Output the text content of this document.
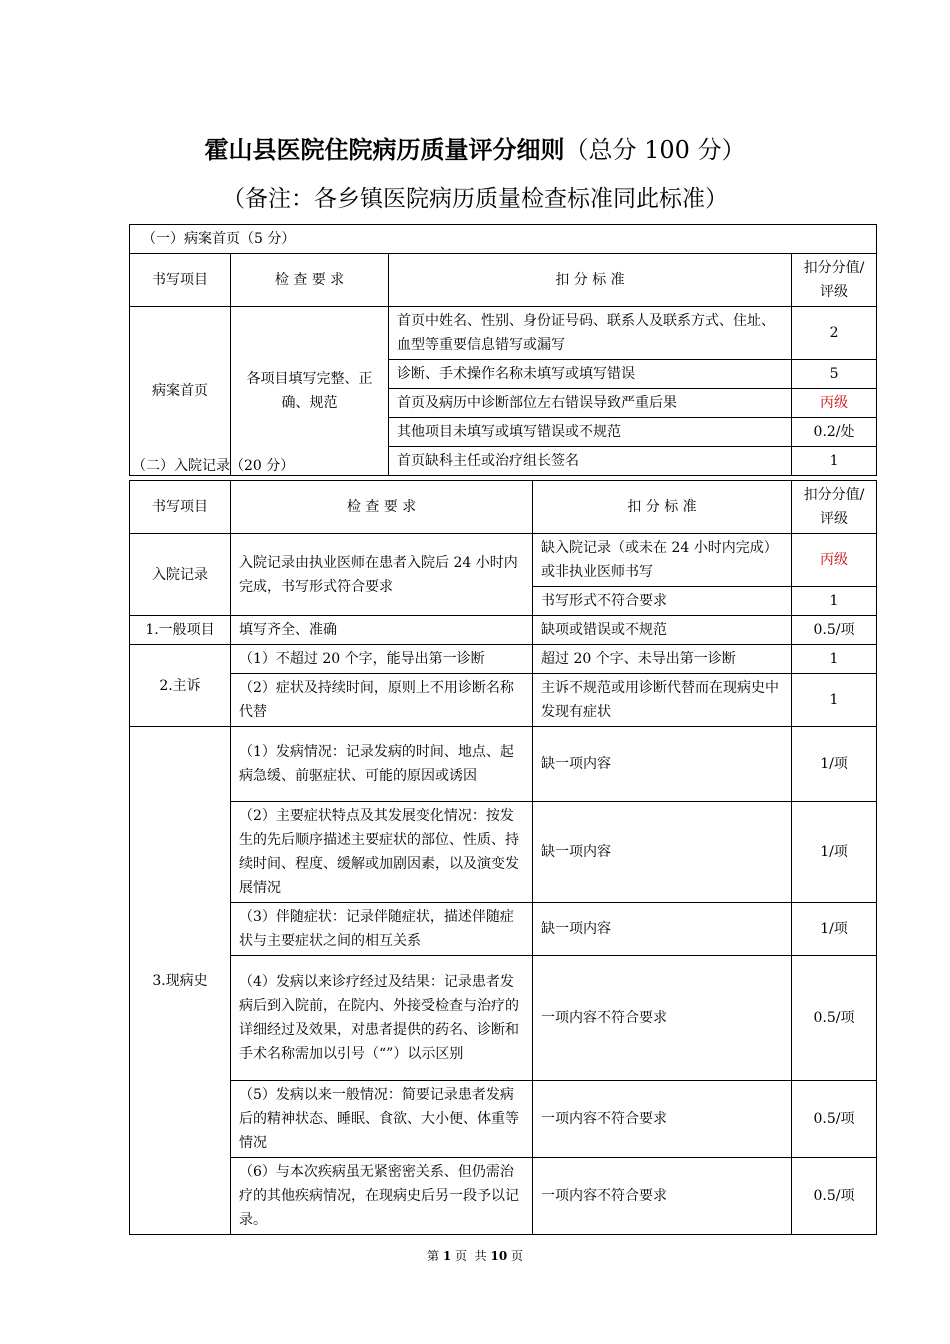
霍山县医院住院病历质量评分细则（总分 100 分）
（备注：各乡镇医院病历质量检查标准同此标准）
（一）病案首页（5 分）			
书写项目	检 查 要 求	扣 分 标 准	扣分分值/评级
病案首页	各项目填写完整、正确、规范	首页中姓名、性别、身份证号码、联系人及联系方式、住址、血型等重要信息错写或漏写	2
		诊断、手术操作名称未填写或填写错误	5
		首页及病历中诊断部位左右错误导致严重后果	丙级
		其他项目未填写或填写错误或不规范	0.2/处
		首页缺科主任或治疗组长签名	1
（二）入院记录（20 分）
书写项目	检 查 要 求	扣 分 标 准	扣分分值/评级
入院记录	入院记录由执业医师在患者入院后 24 小时内完成，书写形式符合要求	缺入院记录（或未在 24 小时内完成）或非执业医师书写	丙级
		书写形式不符合要求	1
1.一般项目	填写齐全、准确	缺项或错误或不规范	0.5/项
2.主诉	（1）不超过 20 个字，能导出第一诊断	超过 20 个字、未导出第一诊断	1
	（2）症状及持续时间，原则上不用诊断名称代替	主诉不规范或用诊断代替而在现病史中发现有症状	1
3.现病史	（1）发病情况：记录发病的时间、地点、起病急缓、前驱症状、可能的原因或诱因	缺一项内容	1/项
	（2）主要症状特点及其发展变化情况：按发生的先后顺序描述主要症状的部位、性质、持续时间、程度、缓解或加剧因素，以及演变发展情况	缺一项内容	1/项
	（3）伴随症状：记录伴随症状，描述伴随症状与主要症状之间的相互关系	缺一项内容	1/项
	（4）发病以来诊疗经过及结果：记录患者发病后到入院前，在院内、外接受检查与治疗的详细经过及效果，对患者提供的药名、诊断和手术名称需加以引号（“”）以示区别	一项内容不符合要求	0.5/项
	（5）发病以来一般情况：简要记录患者发病后的精神状态、睡眠、食欲、大小便、体重等情况	一项内容不符合要求	0.5/项
	（6）与本次疾病虽无紧密密关系、但仍需治疗的其他疾病情况，在现病史后另一段予以记录。	一项内容不符合要求	0.5/项
第 1 页  共 10 页
